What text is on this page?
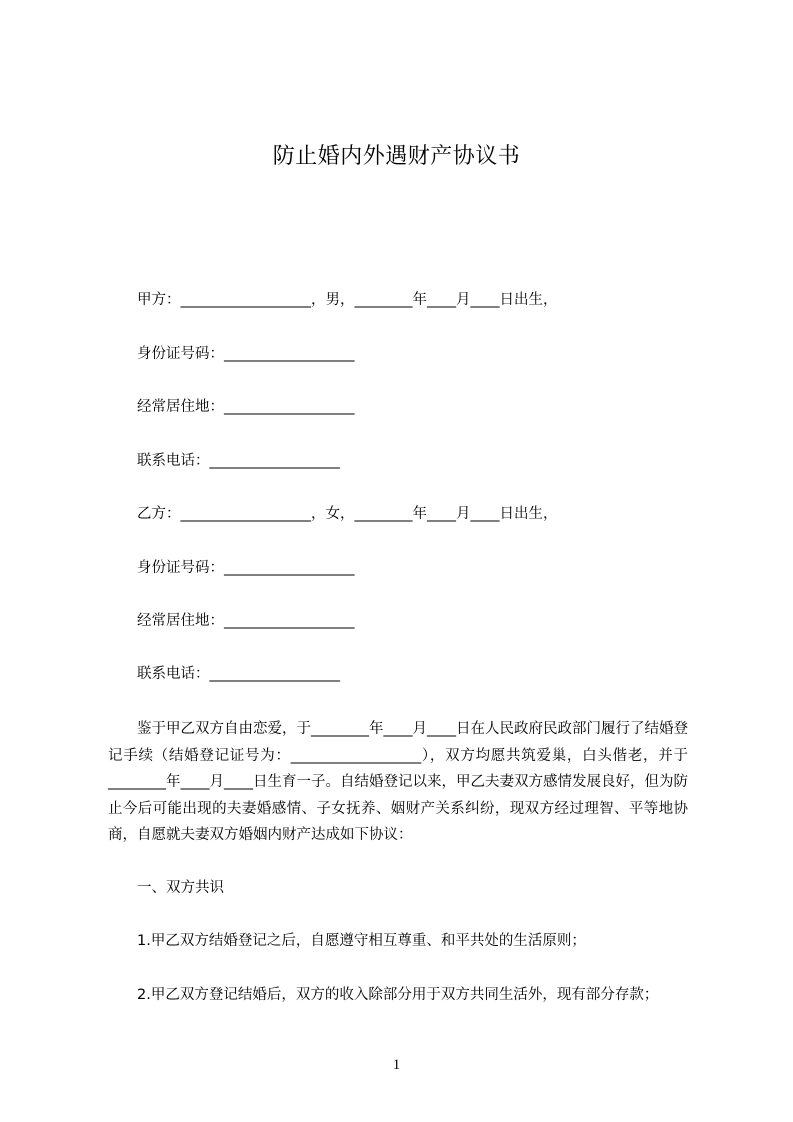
防止婚内外遇财产协议书
甲方：__________________，男，________年____月____日出生，
身份证号码：__________________
经常居住地：__________________
联系电话：__________________
乙方：__________________，女，________年____月____日出生，
身份证号码：__________________
经常居住地：__________________
联系电话：__________________
鉴于甲乙双方自由恋爱，于________年____月____日在人民政府民政部门履行了结婚登记手续（结婚登记证号为：__________________），双方均愿共筑爱巢，白头偕老，并于________年____月____日生育一子。自结婚登记以来，甲乙夫妻双方感情发展良好，但为防止今后可能出现的夫妻婚感情、子女抚养、姻财产关系纠纷，现双方经过理智、平等地协商，自愿就夫妻双方婚姻内财产达成如下协议：
一、双方共识
1.甲乙双方结婚登记之后，自愿遵守相互尊重、和平共处的生活原则；
2.甲乙双方登记结婚后，双方的收入除部分用于双方共同生活外，现有部分存款；
1
